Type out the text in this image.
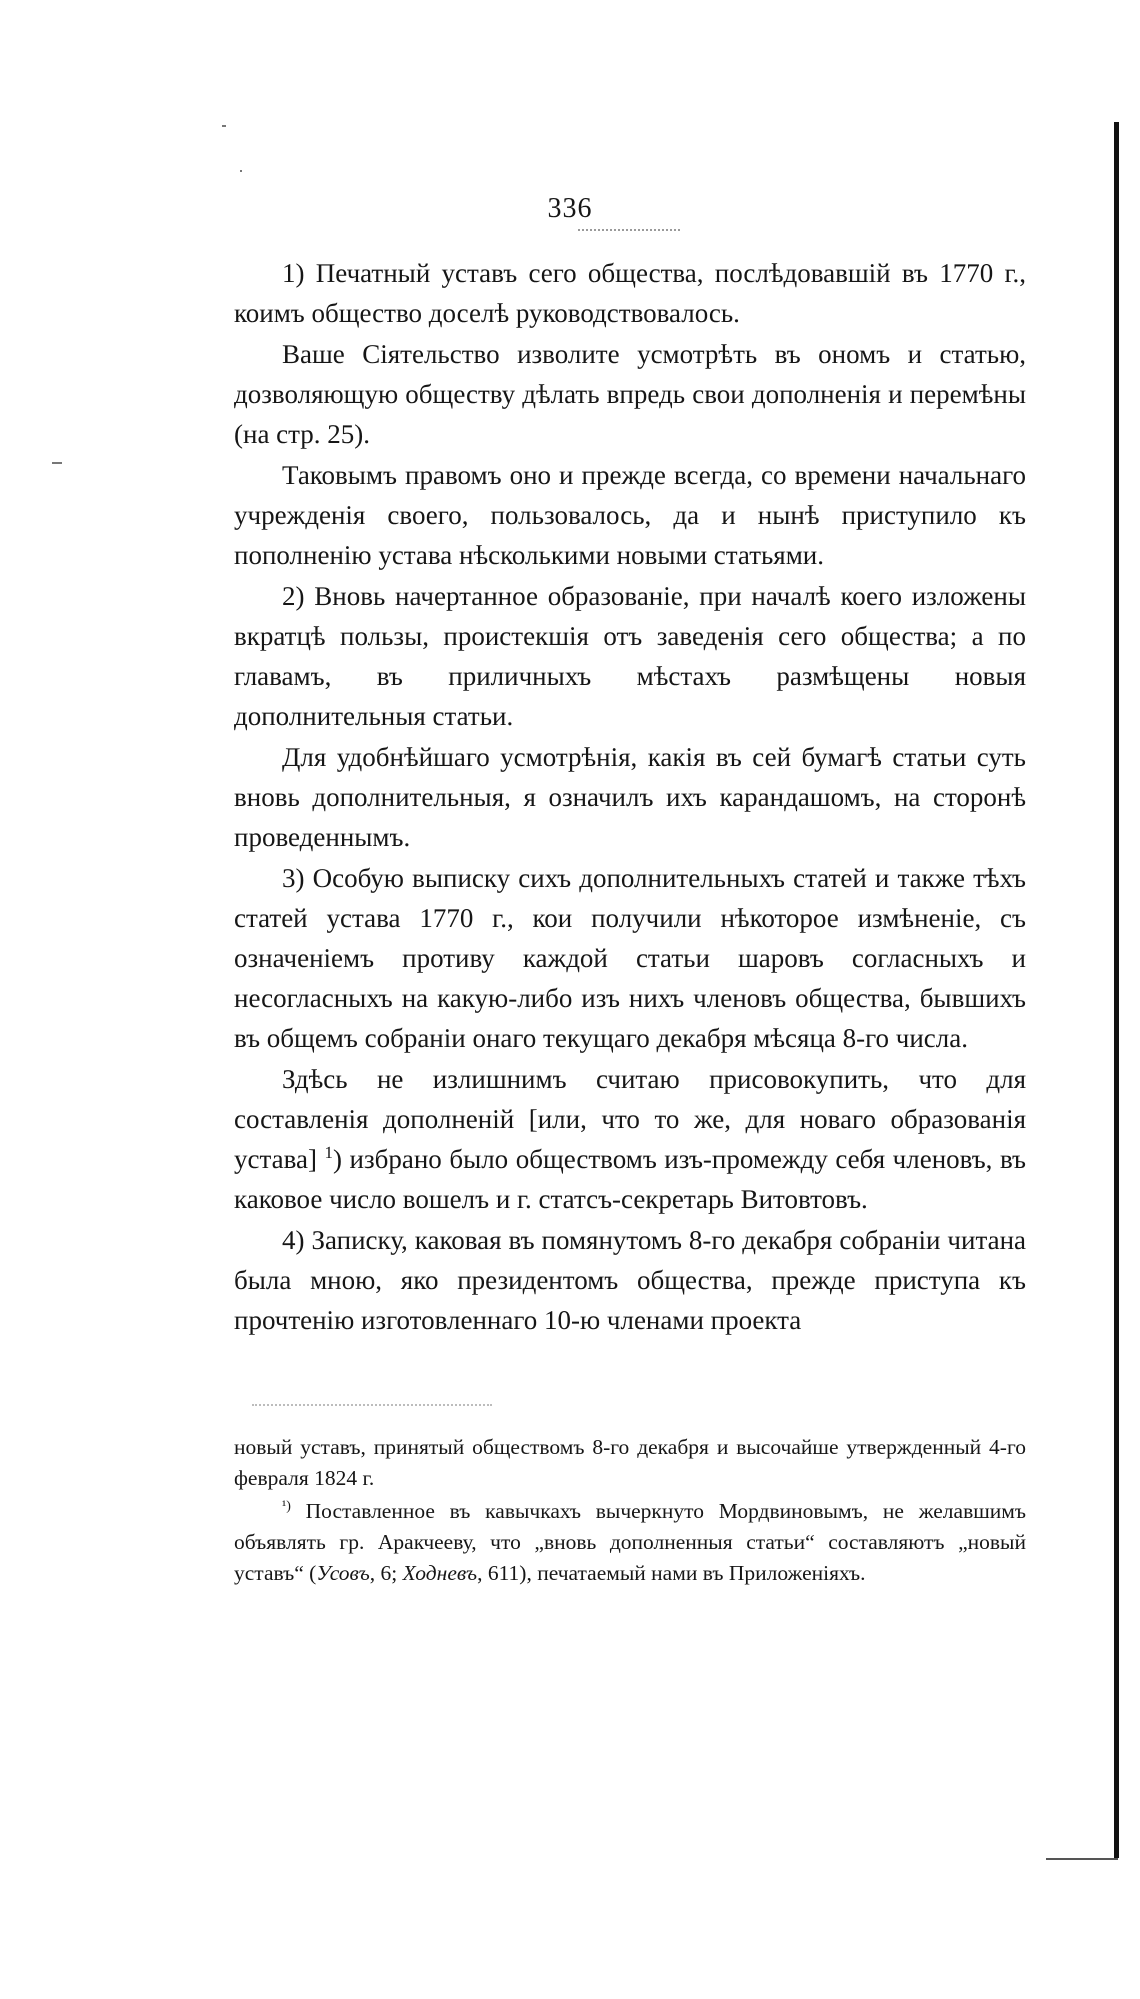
336

1) Печатный уставъ сего общества, послѣдовавшій въ 1770 г., коимъ общество доселѣ руководствовалось.

Ваше Сіятельство изволите усмотрѣть въ ономъ и статью, дозволяющую обществу дѣлать впредь свои дополненія и перемѣны (на стр. 25).

Таковымъ правомъ оно и прежде всегда, со времени начальнаго учрежденія своего, пользовалось, да и нынѣ приступило къ пополненію устава нѣсколькими новыми статьями.

2) Вновь начертанное образованіе, при началѣ коего изложены вкратцѣ пользы, проистекшія отъ заведенія сего общества; а по главамъ, въ приличныхъ мѣстахъ размѣщены новыя дополнительныя статьи.

Для удобнѣйшаго усмотрѣнія, какія въ сей бумагѣ статьи суть вновь дополнительныя, я означилъ ихъ карандашомъ, на сторонѣ проведеннымъ.

3) Особую выписку сихъ дополнительныхъ статей и также тѣхъ статей устава 1770 г., кои получили нѣкоторое измѣненіе, съ означеніемъ противу каждой статьи шаровъ согласныхъ и несогласныхъ на какую-либо изъ нихъ членовъ общества, бывшихъ въ общемъ собраніи онаго текущаго декабря мѣсяца 8-го числа.

Здѣсь не излишнимъ считаю присовокупить, что для составленія дополненій [или, что то же, для новаго образованія устава] $^1$) избрано было обществомъ изъ-промежду себя членовъ, въ каковое число вошелъ и г. статсъ-секретарь Витовтовъ.

4) Записку, каковая въ помянутомъ 8-го декабря собраніи читана была мною, яко президентомъ общества, прежде приступа къ прочтенію изготовленнаго 10-ю членами проекта

новый уставъ, принятый обществомъ 8-го декабря и высочайше утвержденный 4-го февраля 1824 г.

$^{^1)}$ Поставленное въ кавычкахъ вычеркнуто Мордвиновымъ, не желавшимъ объявлять гр. Аракчееву, что „вновь дополненныя статьи“ составляютъ „новый уставъ“ (Усовъ, 6; Ходневъ, 611), печатаемый нами въ Приложеніяхъ.
